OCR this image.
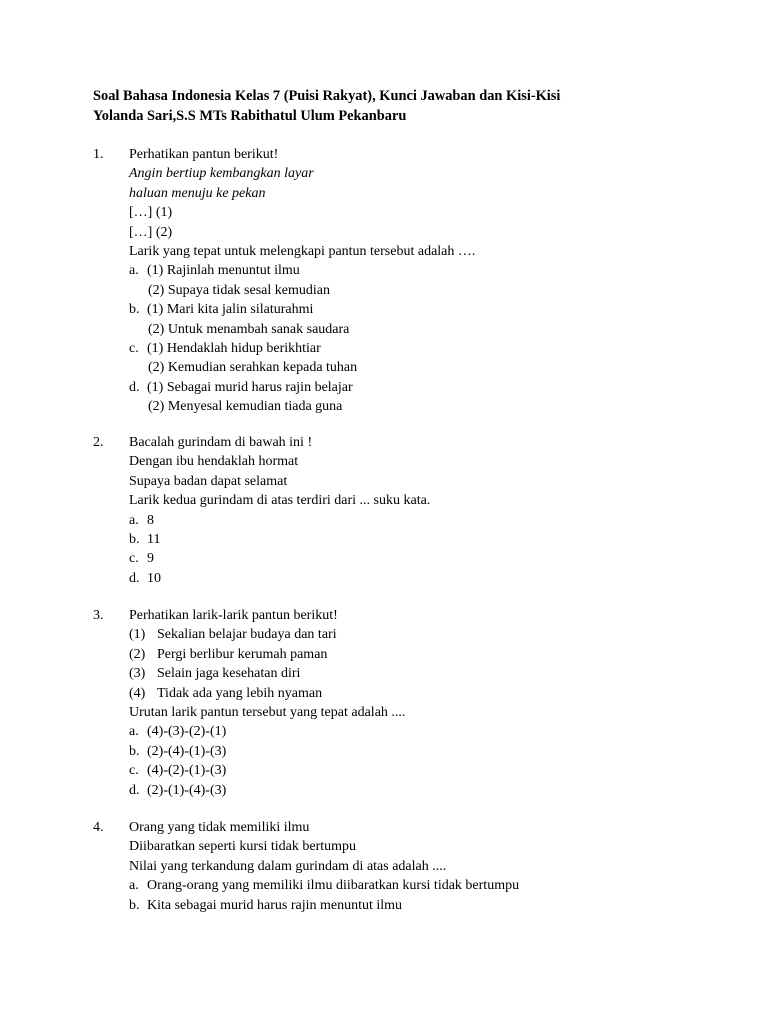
Soal Bahasa Indonesia Kelas 7 (Puisi Rakyat), Kunci Jawaban dan Kisi-Kisi
Yolanda Sari,S.S MTs Rabithatul Ulum Pekanbaru
1. Perhatikan pantun berikut!
Angin bertiup kembangkan layar
haluan menuju ke pekan
[…] (1)
[…] (2)
Larik yang tepat untuk melengkapi pantun tersebut adalah ….
a. (1) Rajinlah menuntut ilmu
(2) Supaya tidak sesal kemudian
b. (1) Mari kita jalin silaturahmi
(2) Untuk menambah sanak saudara
c. (1) Hendaklah hidup berikhtiar
(2) Kemudian serahkan kepada tuhan
d. (1) Sebagai murid harus rajin belajar
(2) Menyesal kemudian tiada guna
2. Bacalah gurindam di bawah ini !
Dengan ibu hendaklah hormat
Supaya badan dapat selamat
Larik kedua gurindam di atas terdiri dari ... suku kata.
a. 8
b. 11
c. 9
d. 10
3. Perhatikan larik-larik pantun berikut!
(1) Sekalian belajar budaya dan tari
(2) Pergi berlibur kerumah paman
(3) Selain jaga kesehatan diri
(4) Tidak ada yang lebih nyaman
Urutan larik pantun tersebut yang tepat adalah ....
a. (4)-(3)-(2)-(1)
b. (2)-(4)-(1)-(3)
c. (4)-(2)-(1)-(3)
d. (2)-(1)-(4)-(3)
4. Orang yang tidak memiliki ilmu
Diibaratkan seperti kursi tidak bertumpu
Nilai yang terkandung dalam gurindam di atas adalah ....
a. Orang-orang yang memiliki ilmu diibaratkan kursi tidak bertumpu
b. Kita sebagai murid harus rajin menuntut ilmu
